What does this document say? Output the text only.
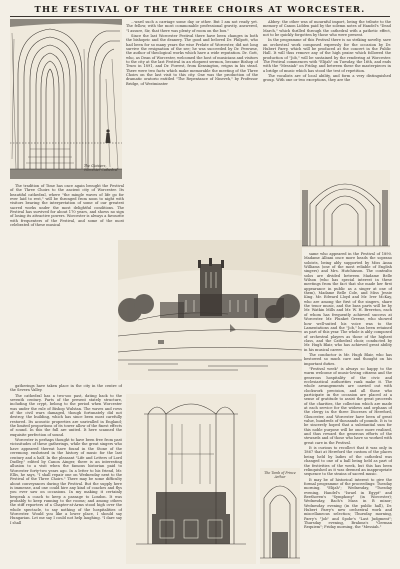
THE FESTIVAL OF THE THREE CHOIRS AT WORCESTER.
The Cloisters, Worcester Cathedral

...ward such a carriage some day or other. But I am not ready yet. The fellow, with the most commonable professional gravity, answered, "I assure, Sir, that there was plenty of room on the box."

Since the last Worcester Festival there have been changes in both the bishopric and the deanery. The good and beloved Dr. Philpott, who had been for so many years the wise Prelate of Worcester, did not long survive the resignation of the see; he was succeeded by Dr. Perowne, the author of theological works which have a wide reputation. Dr. Gott, who, as Dean of Worcester, welcomed the host of musicians and visitors to the city at the last Festival in an eloquent sermon, became Bishop of Truro in 1891, and Dr. Forrest, from Kensington, reigns in his stead. There were two facts which make memorable the meeting of the Three Choirs on the last visit to this city. One was the production of the dramatic oratorio entitled "The Repentance of Nineveh," by Professor Bridge, of Westminster

Abbey: the other was of mournful import, being the tribute to the memory of Canon Lidden paid by the solemn notes of Handel's "Dead March," which thrilled through the cathedral with a pathetic effect, not to be quickly forgotten by those who were present.

In the programme of this Festival there is no striking novelty, save an orchestral work composed expressly for the occasion by Dr. Hubert Parry, which will be produced at the concert in the Public Hall. It will thus remove any of the high praise which followed the production of "Job," will be sustained by the rendering at Worcester. The Festival commences with "Elijah" on Tuesday, the 16th, and ends with the "Messiah" on Friday, and between these the masterpieces in a bridge of music which has stood the test of repetition.

The vocalists are of local ability, and form a very distinguished group. With one or two exceptions, they are the

The tradition of Time has once again brought the Festival of the Three Choirs to the ancient city of Worcester. Its beautiful cathedral, where "the mingle waves of life go for ever laid to rest," will be thronged from noon to night with visitors bearing the interpretation of some of our greatest sacred works under the most delightful conditions. The Festival has survived for about 170 years, and shows no sign of losing its attractive powers. Worcester is always a favourite with frequenters of the Festival, and some of the most celebrated of these musical

gatherings have taken place in the city in the centre of the Severn Valley.

The cathedral has a two-soo past, dating back to the seventh century. Parts of the present stately structure, including the crypt, belong to the period when Worcester was under the rule of Bishop Wulstan. The waves and rows of the civil wars damaged, though fortunately did not destroy, the building, which has since been most carefully restored. Its acoustic properties are unrivalled in England; the limited proportions of its tower allow of the finest effects of sound. In this the full are united. It here scanned the exquisite perfection of sound.

Worcester is perhaps thought to have been free from past vicissitudes of these gatherings, while the great singers who have appeared thereat have found in the Stone of the ceremony, enshrined in the history of music for the last century and a half. In the pleasant "Life and Letters of Lord Dudley," edited by Canon Ainger, there is an interesting allusion to a visit when the famous historian paid to Worcester forty-two years ago. In a letter to his friend, Mr. Ellis, he says, "I shall repair one on Wednesday next to the Festival of the Three Choirs." There may be some difficulty about conveyances during the Festival. But the supply here is immense, and one could hire any kind of coaches and flys you ever saw on occasions. In my making it certainly bespeak a coach to keep a passage to London. It was probably to keep running to the rooms; and among others the stiff reporters of a Chapter-at-Arms stood high over the whole spectacle, to say nothing of the hospitalities of Worcester. Would you like a lower place, I should say Hungarian. Let me say I could not help laughing. "I dare say I shall

The Tomb of Prince Arthur

same who appeared in the Festival of 1890. Madame Albani once more heads the soprano soloists, being ably supported by Miss Anna Williams (one of the most reliable of English singers) and Mrs. Hutchinson. The contralto solos are divided between Madame Belle Wilson (who has special interest in these meetings from the fact that she made her first appearance in public as a singer at one of them), Madame Belle Cole, and Miss Jessie King. Mr. Edward Lloyd and Mr. Iver McKay, who are among the first of the singers, share the tenor music, and the bass parts will be by Mr. Watkin Mills and Mr. W. H. Brereton, each of whom has frequently achieved success at Worcester. Mr. Plunket Greene, who showed how well-suited his voice was to the Lamentations and the "Job," has been retained as part of this year. The whole is ably composed of orchestral players as those of the highest class, and the Cathedral choir, conducted by Mr. Hugh Blair, who has achieved great ability in his musical career.

The conductor is Mr. Hugh Blair, who has bestowed so much care and thought on his important duties.

"Festival week" is always so happy to the warm welcome of music-loving citizens and the generous hospitality of the civic and ecclesiastical authorities rank make it. The whole arrangements are carried out with clockwork precision, and all those who participate in the occasion are placed at a sense of gratitude to assist the great proceeds of the charities, the collection which are made at each service for the widows and orphans of the clergy in the three Dioceses of Hereford, Gloucester, and Worcester have been of great value, hundreds of thousands of pounds. It is to be sincerely hoped that a substantial sum for this noble purpose will be once more realised, and thus reward the generous efforts of the stewards and of those who have so worked with great care in the Festival.

It is curious to recollect that it was only in 1867 that at Hereford the custom of the places being held by ladies of the cathedral was changed to one of a ball being held as part of the festivities of the week, but this has been relinquished as it was deemed an inappropriate sequence to the strains of sacred music.

It may be of historical interest to give the formal programme of the proceedings: Tuesday morning, "Elijah"; Wednesday, "Tuesday evening, Handel's "Israel in Egypt" and Beethoven's "Symphony" (in Worcester); Wednesday, Bach's Mass in B minor; Wednesday evening (in the public hall), Dr. Hubert Parry's new orchestral work and miscellaneous selection; Thursday morning, Parry's "Job" and Spohr's "Last Judgment"; Thursday evening, Brahms's "German Requiem"; Friday morning, the "Messiah."
